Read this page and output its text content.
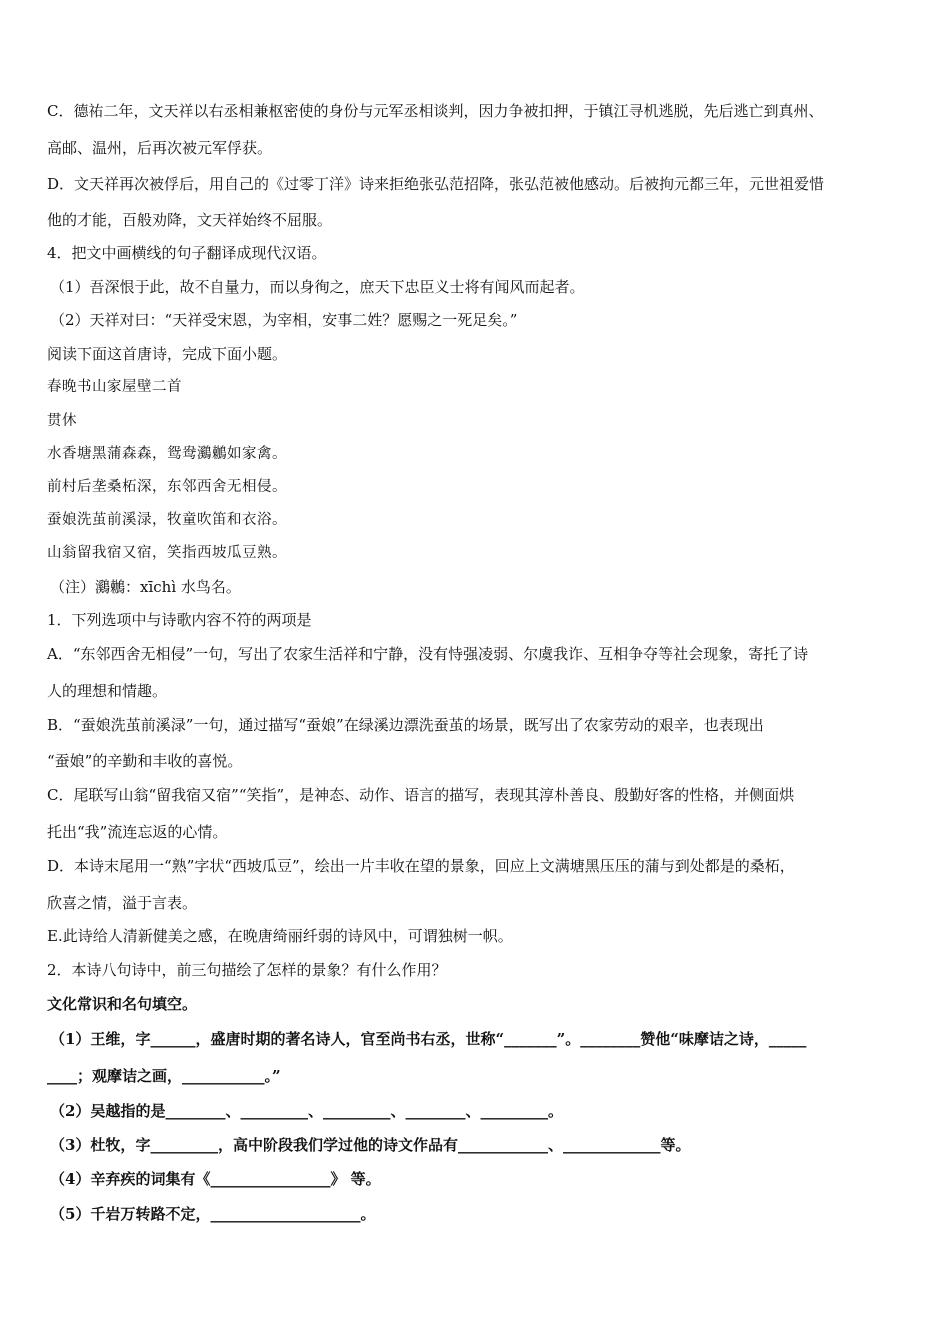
C．德祐二年，文天祥以右丞相兼枢密使的身份与元军丞相谈判，因力争被扣押，于镇江寻机逃脱，先后逃亡到真州、
高邮、温州，后再次被元军俘获。
D．文天祥再次被俘后，用自己的《过零丁洋》诗来拒绝张弘范招降，张弘范被他感动。后被拘元都三年，元世祖爱惜
他的才能，百般劝降，文天祥始终不屈服。
4．把文中画横线的句子翻译成现代汉语。
（1）吾深恨于此，故不自量力，而以身徇之，庶天下忠臣义士将有闻风而起者。
（2）天祥对曰：“天祥受宋恩，为宰相，安事二姓？愿赐之一死足矣。”
阅读下面这首唐诗，完成下面小题。
春晚书山家屋壁二首
贯休
水香塘黑蒲森森，鸳鸯鸂鶒如家禽。
前村后垄桑柘深，东邻西舍无相侵。
蚕娘洗茧前溪渌，牧童吹笛和衣浴。
山翁留我宿又宿，笑指西坡瓜豆熟。
（注）鸂鶒：xīchì 水鸟名。
1．下列选项中与诗歌内容不符的两项是
A．“东邻西舍无相侵”一句，写出了农家生活祥和宁静，没有恃强凌弱、尔虞我诈、互相争夺等社会现象，寄托了诗
人的理想和情趣。
B．“蚕娘洗茧前溪渌”一句，通过描写“蚕娘”在绿溪边漂洗蚕茧的场景，既写出了农家劳动的艰辛，也表现出
“蚕娘”的辛勤和丰收的喜悦。
C．尾联写山翁“留我宿又宿”“笑指”，是神态、动作、语言的描写，表现其淳朴善良、殷勤好客的性格，并侧面烘
托出“我”流连忘返的心情。
D．本诗末尾用一“熟”字状“西坡瓜豆”，绘出一片丰收在望的景象，回应上文满塘黑压压的蒲与到处都是的桑柘，
欣喜之情，溢于言表。
E.此诗给人清新健美之感，在晚唐绮丽纤弱的诗风中，可谓独树一帜。
2．本诗八句诗中，前三句描绘了怎样的景象？有什么作用？
文化常识和名句填空。
（1）王维，字______，盛唐时期的著名诗人，官至尚书右丞，世称“_______”。________赞他“味摩诘之诗，_____
____；观摩诘之画，___________。”
（2）吴越指的是________、_________、_________、________、_________。
（3）杜牧，字_________，高中阶段我们学过他的诗文作品有____________、_____________等。
（4）辛弃疾的词集有《________________》 等。
（5）千岩万转路不定，____________________。
